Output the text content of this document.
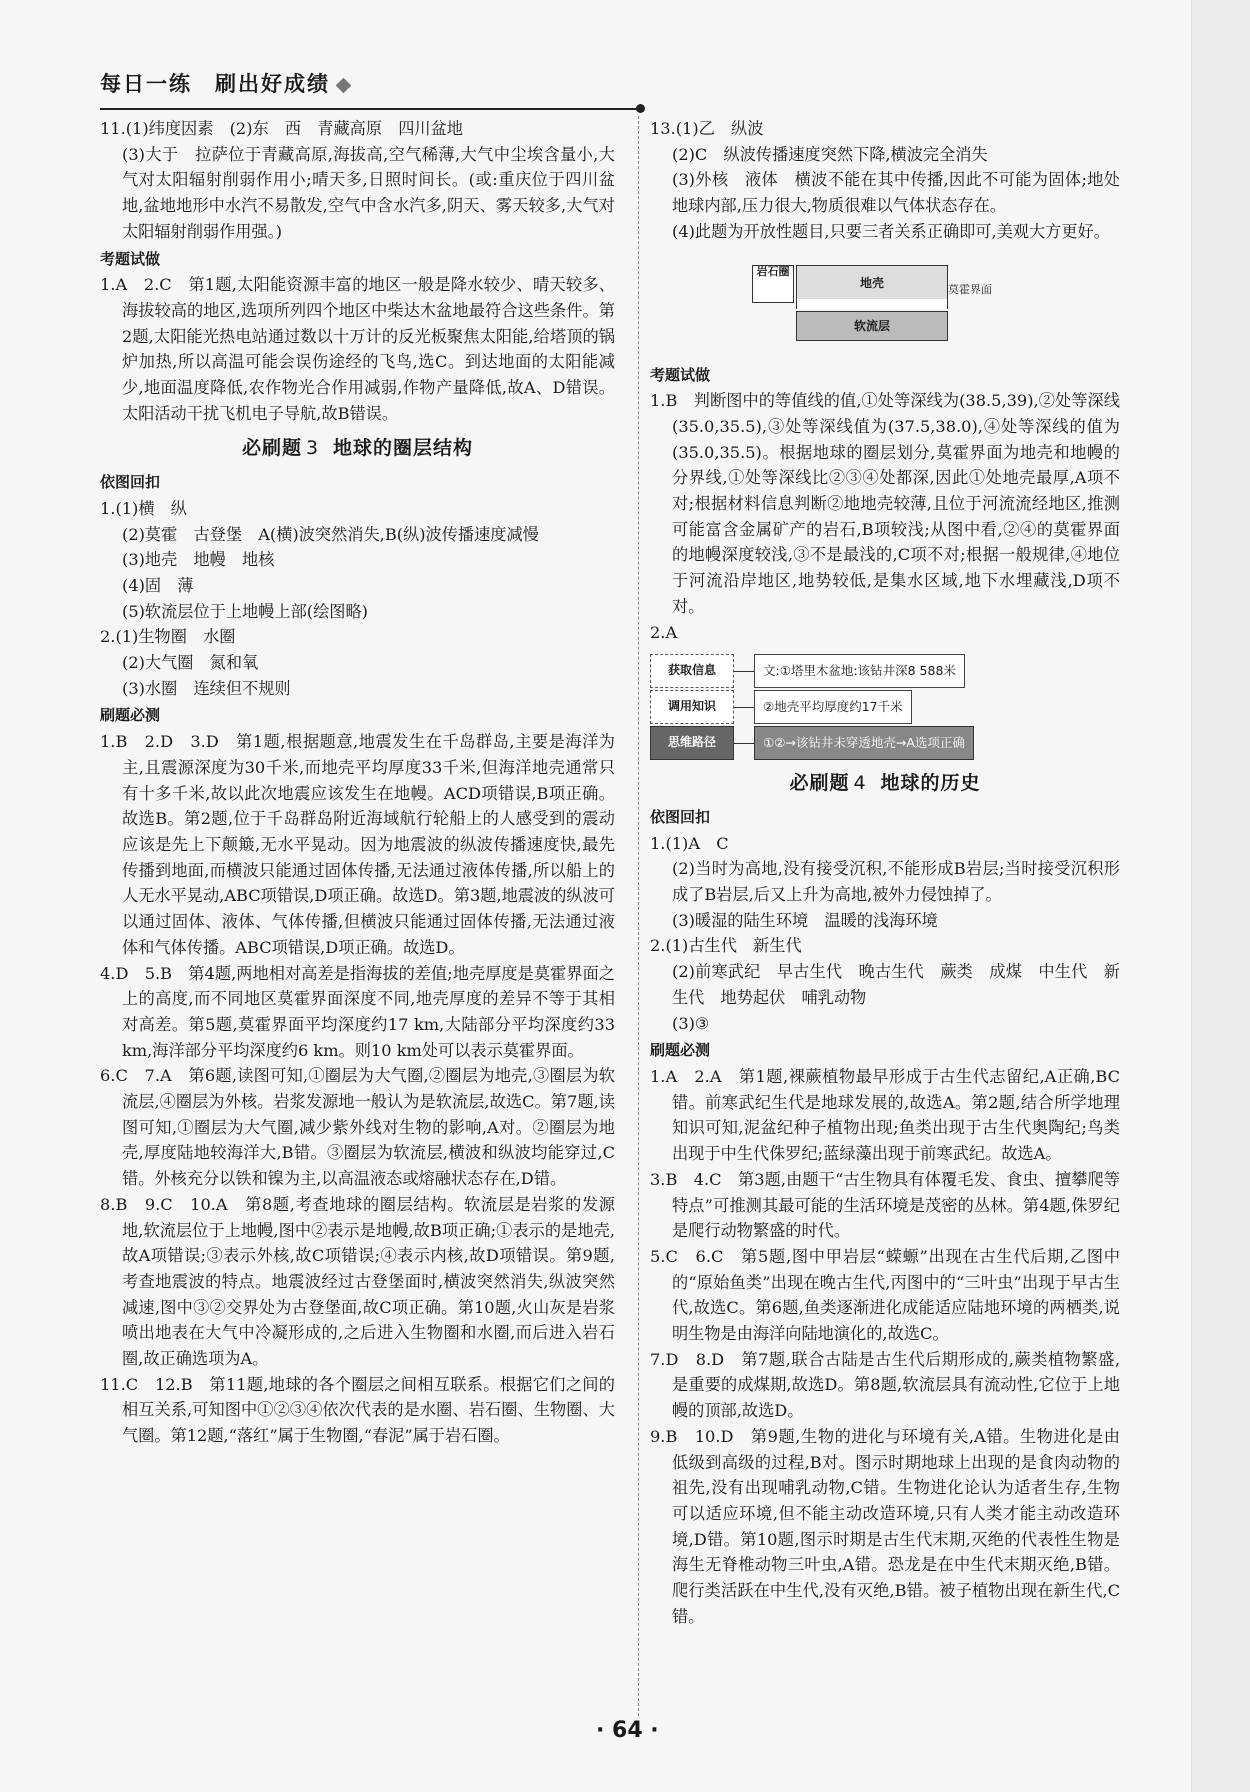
每日一练　刷出好成绩

11.(1)纬度因素　(2)东　西　青藏高原　四川盆地

(3)大于　拉萨位于青藏高原,海拔高,空气稀薄,大气中尘埃含量小,大气对太阳辐射削弱作用小;晴天多,日照时间长。(或:重庆位于四川盆地,盆地地形中水汽不易散发,空气中含水汽多,阴天、雾天较多,大气对太阳辐射削弱作用强。)

考题试做

1.A　2.C　第1题,太阳能资源丰富的地区一般是降水较少、晴天较多、海拔较高的地区,选项所列四个地区中柴达木盆地最符合这些条件。第2题,太阳能光热电站通过数以十万计的反光板聚焦太阳能,给塔顶的锅炉加热,所以高温可能会误伤途经的飞鸟,选C。到达地面的太阳能减少,地面温度降低,农作物光合作用减弱,作物产量降低,故A、D错误。太阳活动干扰飞机电子导航,故B错误。

必刷题 3 地球的圈层结构

依图回扣

1.(1)横　纵

(2)莫霍　古登堡　A(横)波突然消失,B(纵)波传播速度减慢

(3)地壳　地幔　地核

(4)固　薄

(5)软流层位于上地幔上部(绘图略)

2.(1)生物圈　水圈

(2)大气圈　氮和氧

(3)水圈　连续但不规则

刷题必测

1.B　2.D　3.D　第1题,根据题意,地震发生在千岛群岛,主要是海洋为主,且震源深度为30千米,而地壳平均厚度33千米,但海洋地壳通常只有十多千米,故以此次地震应该发生在地幔。ACD项错误,B项正确。故选B。第2题,位于千岛群岛附近海域航行轮船上的人感受到的震动应该是先上下颠簸,无水平晃动。因为地震波的纵波传播速度快,最先传播到地面,而横波只能通过固体传播,无法通过液体传播,所以船上的人无水平晃动,ABC项错误,D项正确。故选D。第3题,地震波的纵波可以通过固体、液体、气体传播,但横波只能通过固体传播,无法通过液体和气体传播。ABC项错误,D项正确。故选D。

4.D　5.B　第4题,两地相对高差是指海拔的差值;地壳厚度是莫霍界面之上的高度,而不同地区莫霍界面深度不同,地壳厚度的差异不等于其相对高差。第5题,莫霍界面平均深度约17 km,大陆部分平均深度约33 km,海洋部分平均深度约6 km。则10 km处可以表示莫霍界面。

6.C　7.A　第6题,读图可知,①圈层为大气圈,②圈层为地壳,③圈层为软流层,④圈层为外核。岩浆发源地一般认为是软流层,故选C。第7题,读图可知,①圈层为大气圈,减少紫外线对生物的影响,A对。②圈层为地壳,厚度陆地较海洋大,B错。③圈层为软流层,横波和纵波均能穿过,C错。外核充分以铁和镍为主,以高温液态或熔融状态存在,D错。

8.B　9.C　10.A　第8题,考查地球的圈层结构。软流层是岩浆的发源地,软流层位于上地幔,图中②表示是地幔,故B项正确;①表示的是地壳,故A项错误;③表示外核,故C项错误;④表示内核,故D项错误。第9题,考查地震波的特点。地震波经过古登堡面时,横波突然消失,纵波突然减速,图中③②交界处为古登堡面,故C项正确。第10题,火山灰是岩浆喷出地表在大气中冷凝形成的,之后进入生物圈和水圈,而后进入岩石圈,故正确选项为A。

11.C　12.B　第11题,地球的各个圈层之间相互联系。根据它们之间的相互关系,可知图中①②③④依次代表的是水圈、岩石圈、生物圈、大气圈。第12题,“落红”属于生物圈,“春泥”属于岩石圈。

13.(1)乙　纵波

(2)C　纵波传播速度突然下降,横波完全消失

(3)外核　液体　横波不能在其中传播,因此不可能为固体;地处地球内部,压力很大,物质很难以气体状态存在。

(4)此题为开放性题目,只要三者关系正确即可,美观大方更好。

岩石圈
地壳	莫霍界面
软流层

考题试做

1.B　判断图中的等值线的值,①处等深线为(38.5,39),②处等深线(35.0,35.5),③处等深线值为(37.5,38.0),④处等深线的值为(35.0,35.5)。根据地球的圈层划分,莫霍界面为地壳和地幔的分界线,①处等深线比②③④处都深,因此①处地壳最厚,A项不对;根据材料信息判断②地地壳较薄,且位于河流流经地区,推测可能富含金属矿产的岩石,B项较浅;从图中看,②④的莫霍界面的地幔深度较浅,③不是最浅的,C项不对;根据一般规律,④地位于河流沿岸地区,地势较低,是集水区域,地下水埋藏浅,D项不对。

2.A

获取信息	文:①塔里木盆地:该钻井深8 588米
调用知识	②地壳平均厚度约17千米
思维路径	①②→该钻井未穿透地壳→A选项正确

必刷题 4 地球的历史

依图回扣

1.(1)A　C

(2)当时为高地,没有接受沉积,不能形成B岩层;当时接受沉积形成了B岩层,后又上升为高地,被外力侵蚀掉了。

(3)暖湿的陆生环境　温暖的浅海环境

2.(1)古生代　新生代

(2)前寒武纪　早古生代　晚古生代　蕨类　成煤　中生代　新生代　地势起伏　哺乳动物

(3)③

刷题必测

1.A　2.A　第1题,裸蕨植物最早形成于古生代志留纪,A正确,BC错。前寒武纪生代是地球发展的,故选A。第2题,结合所学地理知识可知,泥盆纪种子植物出现;鱼类出现于古生代奥陶纪;鸟类出现于中生代侏罗纪;蓝绿藻出现于前寒武纪。故选A。

3.B　4.C　第3题,由题干“古生物具有体覆毛发、食虫、擅攀爬等特点”可推测其最可能的生活环境是茂密的丛林。第4题,侏罗纪是爬行动物繁盛的时代。

5.C　6.C　第5题,图中甲岩层“蝾螈”出现在古生代后期,乙图中的“原始鱼类”出现在晚古生代,丙图中的“三叶虫”出现于早古生代,故选C。第6题,鱼类逐渐进化成能适应陆地环境的两栖类,说明生物是由海洋向陆地演化的,故选C。

7.D　8.D　第7题,联合古陆是古生代后期形成的,蕨类植物繁盛,是重要的成煤期,故选D。第8题,软流层具有流动性,它位于上地幔的顶部,故选D。

9.B　10.D　第9题,生物的进化与环境有关,A错。生物进化是由低级到高级的过程,B对。图示时期地球上出现的是食肉动物的祖先,没有出现哺乳动物,C错。生物进化论认为适者生存,生物可以适应环境,但不能主动改造环境,只有人类才能主动改造环境,D错。第10题,图示时期是古生代末期,灭绝的代表性生物是海生无脊椎动物三叶虫,A错。恐龙是在中生代末期灭绝,B错。爬行类活跃在中生代,没有灭绝,B错。被子植物出现在新生代,C错。

· 64 ·
